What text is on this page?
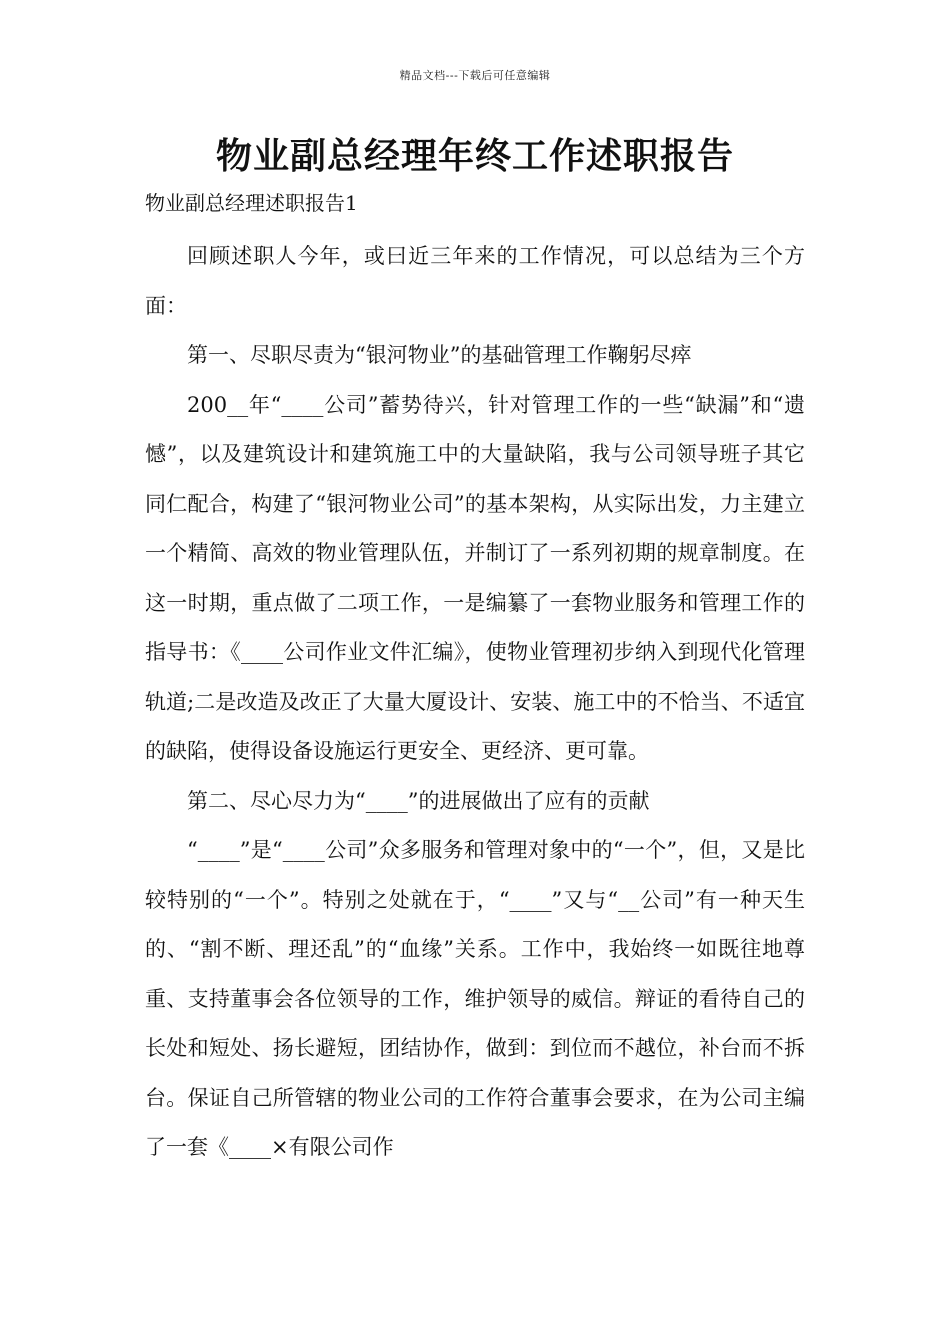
精品文档---下载后可任意编辑
物业副总经理年终工作述职报告
物业副总经理述职报告1

回顾述职人今年，或曰近三年来的工作情况，可以总结为三个方面：

第一、尽职尽责为“银河物业”的基础管理工作鞠躬尽瘁

200__年“____公司”蓄势待兴，针对管理工作的一些“缺漏”和“遗憾”，以及建筑设计和建筑施工中的大量缺陷，我与公司领导班子其它同仁配合，构建了“银河物业公司”的基本架构，从实际出发，力主建立一个精简、高效的物业管理队伍，并制订了一系列初期的规章制度。在这一时期，重点做了二项工作，一是编纂了一套物业服务和管理工作的指导书：《____公司作业文件汇编》，使物业管理初步纳入到现代化管理轨道;二是改造及改正了大量大厦设计、安装、施工中的不恰当、不适宜的缺陷，使得设备设施运行更安全、更经济、更可靠。

第二、尽心尽力为“____”的进展做出了应有的贡献

“____”是“____公司”众多服务和管理对象中的“一个”，但，又是比较特别的“一个”。特别之处就在于，“____”又与“__公司”有一种天生的、“割不断、理还乱”的“血缘”关系。工作中，我始终一如既往地尊重、支持董事会各位领导的工作，维护领导的威信。辩证的看待自己的长处和短处、扬长避短，团结协作，做到：到位而不越位，补台而不拆台。保证自己所管辖的物业公司的工作符合董事会要求，在为公司主编了一套《____×有限公司作
